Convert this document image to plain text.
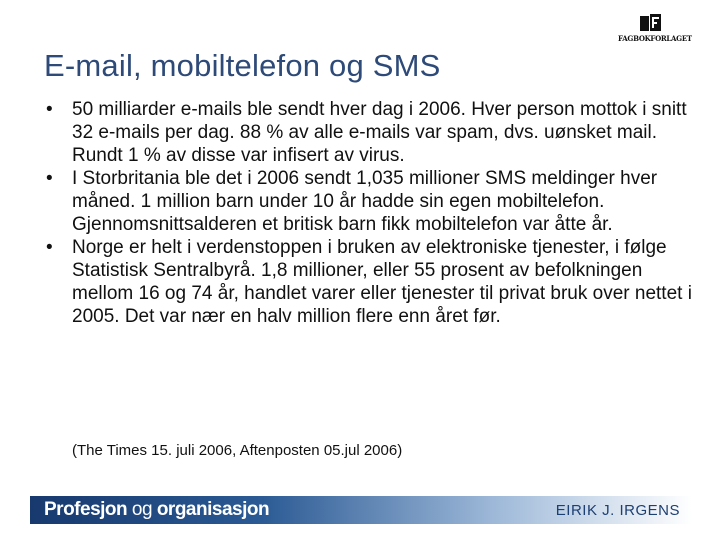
E-mail, mobiltelefon og SMS
FAGBOKFORLAGET
• 50 milliarder e-mails ble sendt hver dag i 2006. Hver person mottok i snitt 32 e-mails per dag. 88 % av alle e-mails var spam, dvs. uønsket mail. Rundt 1 % av disse var infisert av virus.
• I Storbritania ble det i 2006 sendt 1,035 millioner SMS meldinger hver måned. 1 million barn under 10 år hadde sin egen mobiltelefon. Gjennomsnittsalderen et britisk barn fikk mobiltelefon var åtte år.
• Norge er helt i verdenstoppen i bruken av elektroniske tjenester, i følge Statistisk Sentralbyrå. 1,8 millioner, eller 55 prosent av befolkningen mellom 16 og 74 år, handlet varer eller tjenester til privat bruk over nettet i 2005. Det var nær en halv million flere enn året før.
(The Times 15. juli 2006, Aftenposten 05.jul 2006)
Profesjon og organisasjon	EIRIK J. IRGENS
